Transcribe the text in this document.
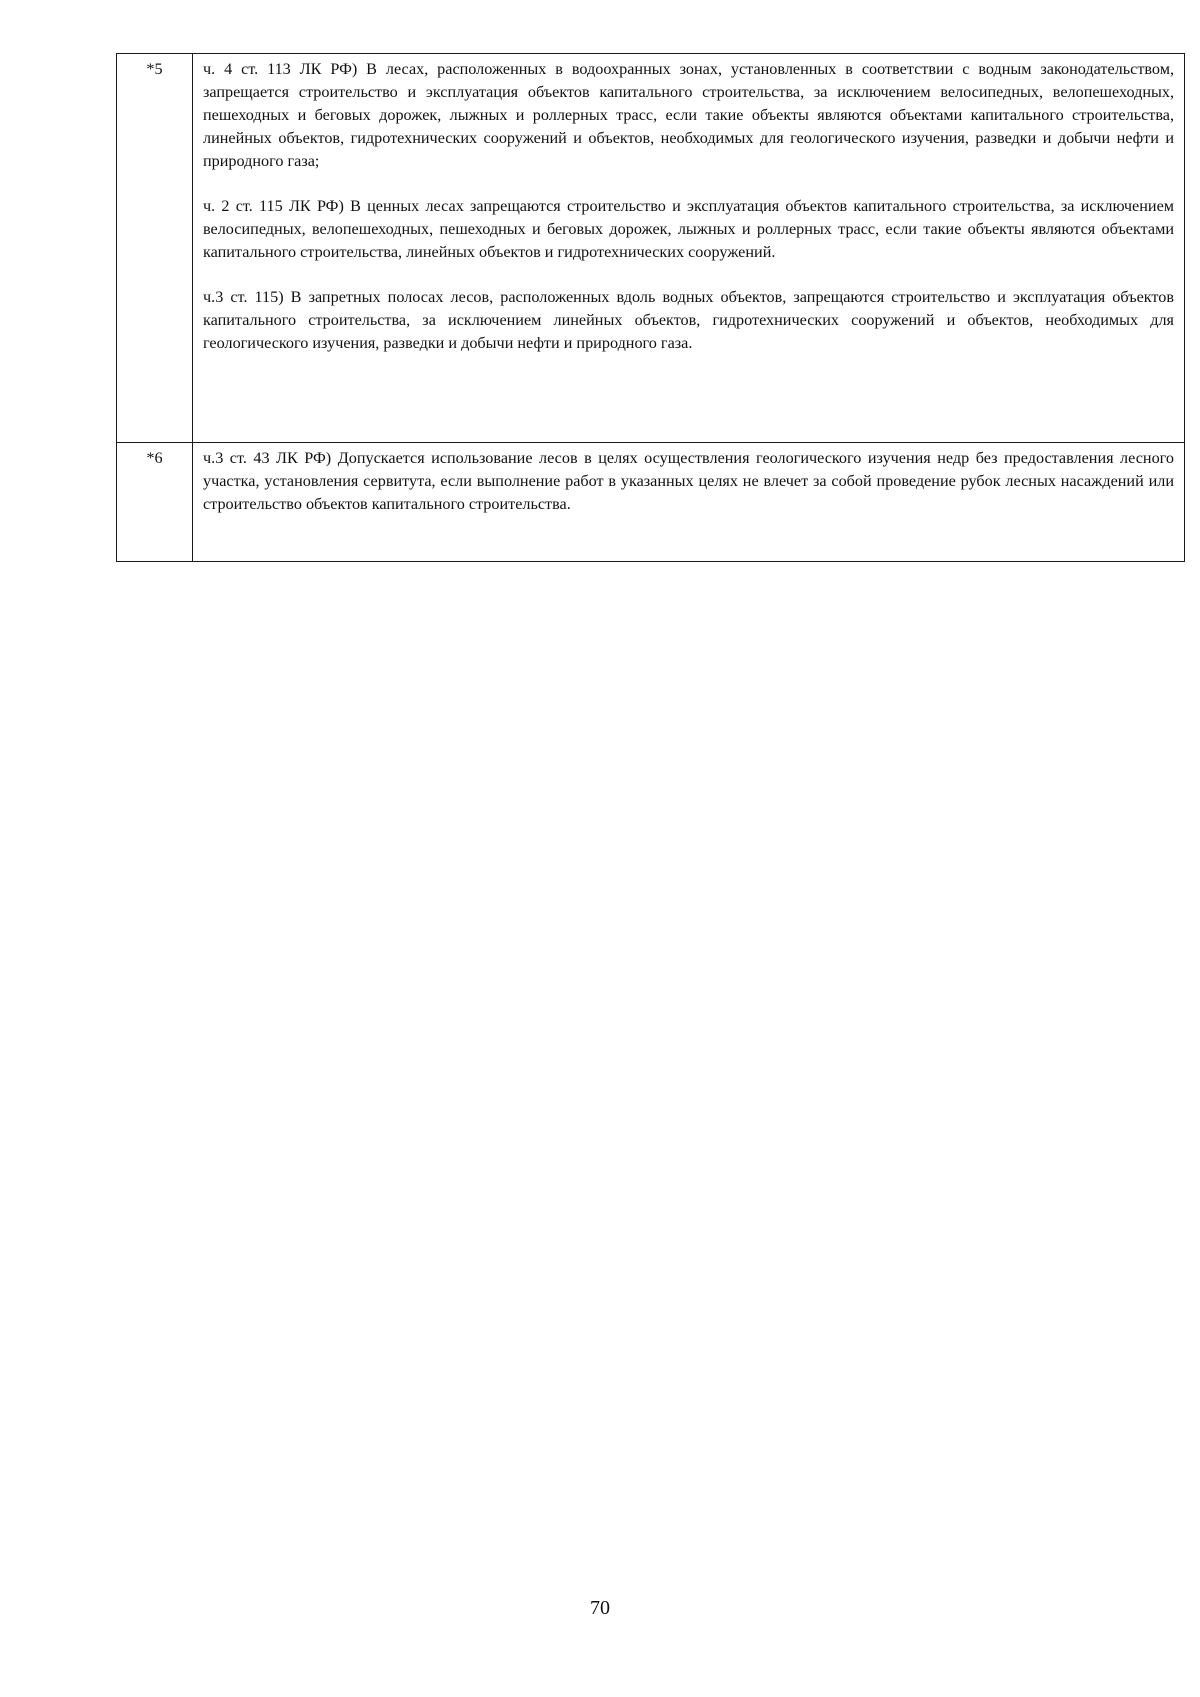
*5	ч. 4 ст. 113 ЛК РФ) В лесах, расположенных в водоохранных зонах, установленных в соответствии с водным законодательством, запрещается строительство и эксплуатация объектов капитального строительства, за исключением велосипедных, велопешеходных, пешеходных и беговых дорожек, лыжных и роллерных трасс, если такие объекты являются объектами капитального строительства, линейных объектов, гидротехнических сооружений и объектов, необходимых для геологического изучения, разведки и добычи нефти и природного газа;

ч. 2 ст. 115 ЛК РФ) В ценных лесах запрещаются строительство и эксплуатация объектов капитального строительства, за исключением велосипедных, велопешеходных, пешеходных и беговых дорожек, лыжных и роллерных трасс, если такие объекты являются объектами капитального строительства, линейных объектов и гидротехнических сооружений.

ч.3 ст. 115) В запретных полосах лесов, расположенных вдоль водных объектов, запрещаются строительство и эксплуатация объектов капитального строительства, за исключением линейных объектов, гидротехнических сооружений и объектов, необходимых для геологического изучения, разведки и добычи нефти и природного газа.

*6	ч.3 ст. 43 ЛК РФ) Допускается использование лесов в целях осуществления геологического изучения недр без предоставления лесного участка, установления сервитута, если выполнение работ в указанных целях не влечет за собой проведение рубок лесных насаждений или строительство объектов капитального строительства.

70
